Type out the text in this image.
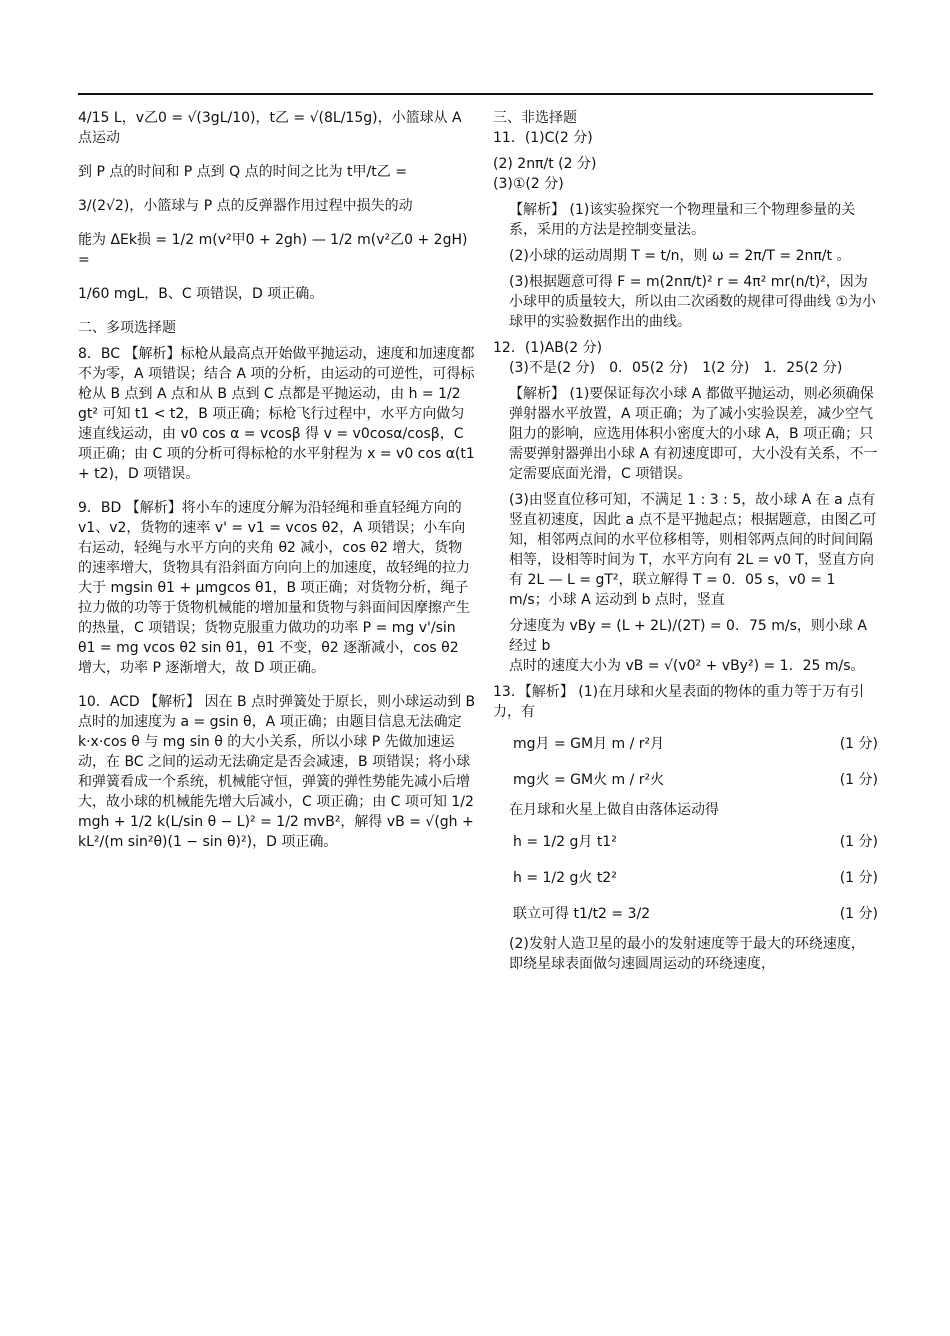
4/15 L，v乙0 = √(3gL/10)，t乙 = √(8L/15g)，小篮球从 A 点运动
到 P 点的时间和 P 点到 Q 点的时间之比为 t甲/t乙 =
3/(2√2)，小篮球与 P 点的反弹器作用过程中损失的动
能为 ΔEk损 = 1/2 m(v²甲0 + 2gh) — 1/2 m(v²乙0 + 2gH) =
1/60 mgL，B、C 项错误，D 项正确。
二、多项选择题
8．BC 【解析】标枪从最高点开始做平抛运动，速度和加速度都不为零，A 项错误；结合 A 项的分析，由运动的可逆性，可得标枪从 B 点到 A 点和从 B 点到 C 点都是平抛运动，由 h = 1/2 gt² 可知 t1 < t2，B 项正确；标枪飞行过程中，水平方向做匀速直线运动，由 v0 cos α = vcosβ 得 v = v0cosα/cosβ，C 项正确；由 C 项的分析可得标枪的水平射程为 x = v0 cos α(t1 + t2)，D 项错误。
9．BD 【解析】将小车的速度分解为沿轻绳和垂直轻绳方向的 v1、v2，货物的速率 v' = v1 = vcos θ2，A 项错误；小车向右运动，轻绳与水平方向的夹角 θ2 减小，cos θ2 增大，货物的速率增大，货物具有沿斜面方向向上的加速度，故轻绳的拉力大于 mgsin θ1 + μmgcos θ1，B 项正确；对货物分析，绳子拉力做的功等于货物机械能的增加量和货物与斜面间因摩擦产生的热量，C 项错误；货物克服重力做功的功率 P = mg v'/sin θ1 = mg vcos θ2 sin θ1，θ1 不变，θ2 逐渐减小，cos θ2 增大，功率 P 逐渐增大，故 D 项正确。
10．ACD 【解析】 因在 B 点时弹簧处于原长，则小球运动到 B 点时的加速度为 a = gsin θ，A 项正确；由题目信息无法确定 k·x·cos θ 与 mg sin θ 的大小关系，所以小球 P 先做加速运动，在 BC 之间的运动无法确定是否会减速，B 项错误；将小球和弹簧看成一个系统，机械能守恒，弹簧的弹性势能先减小后增大，故小球的机械能先增大后减小，C 项正确；由 C 项可知 1/2 mgh + 1/2 k(L/sin θ − L)² = 1/2 mvB²，解得 vB = √(gh + kL²/(m sin²θ)(1 − sin θ)²)，D 项正确。
三、非选择题
11．(1)C(2 分)
(2) 2nπ/t (2 分)
(3)①(2 分)
【解析】 (1)该实验探究一个物理量和三个物理参量的关系，采用的方法是控制变量法。
(2)小球的运动周期 T = t/n，则 ω = 2π/T = 2nπ/t 。
(3)根据题意可得 F = m(2nπ/t)² r = 4π² mr(n/t)²，因为小球甲的质量较大，所以由二次函数的规律可得曲线 ①为小球甲的实验数据作出的曲线。
12．(1)AB(2 分)
(3)不是(2 分)　0．05(2 分)　1(2 分)　1．25(2 分)
【解析】 (1)要保证每次小球 A 都做平抛运动，则必须确保弹射器水平放置，A 项正确；为了减小实验误差，减少空气阻力的影响，应选用体积小密度大的小球 A，B 项正确；只需要弹射器弹出小球 A 有初速度即可，大小没有关系，不一定需要底面光滑，C 项错误。
(3)由竖直位移可知，不满足 1 : 3 : 5，故小球 A 在 a 点有竖直初速度，因此 a 点不是平抛起点；根据题意，由图乙可知，相邻两点间的水平位移相等，则相邻两点间的时间间隔相等，设相等时间为 T，水平方向有 2L = v0 T，竖直方向有 2L — L = gT²，联立解得 T = 0．05 s，v0 = 1 m/s；小球 A 运动到 b 点时，竖直
分速度为 vBy = (L + 2L)/(2T) = 0．75 m/s，则小球 A 经过 b
点时的速度大小为 vB = √(v0² + vBy²) = 1．25 m/s。
13．【解析】 (1)在月球和火星表面的物体的重力等于万有引力，有
mg月 = GM月 m / r²月	(1 分)
mg火 = GM火 m / r²火	(1 分)
在月球和火星上做自由落体运动得
h = 1/2 g月 t1²	(1 分)
h = 1/2 g火 t2²	(1 分)
联立可得 t1/t2 = 3/2	(1 分)
(2)发射人造卫星的最小的发射速度等于最大的环绕速度，即绕星球表面做匀速圆周运动的环绕速度，
